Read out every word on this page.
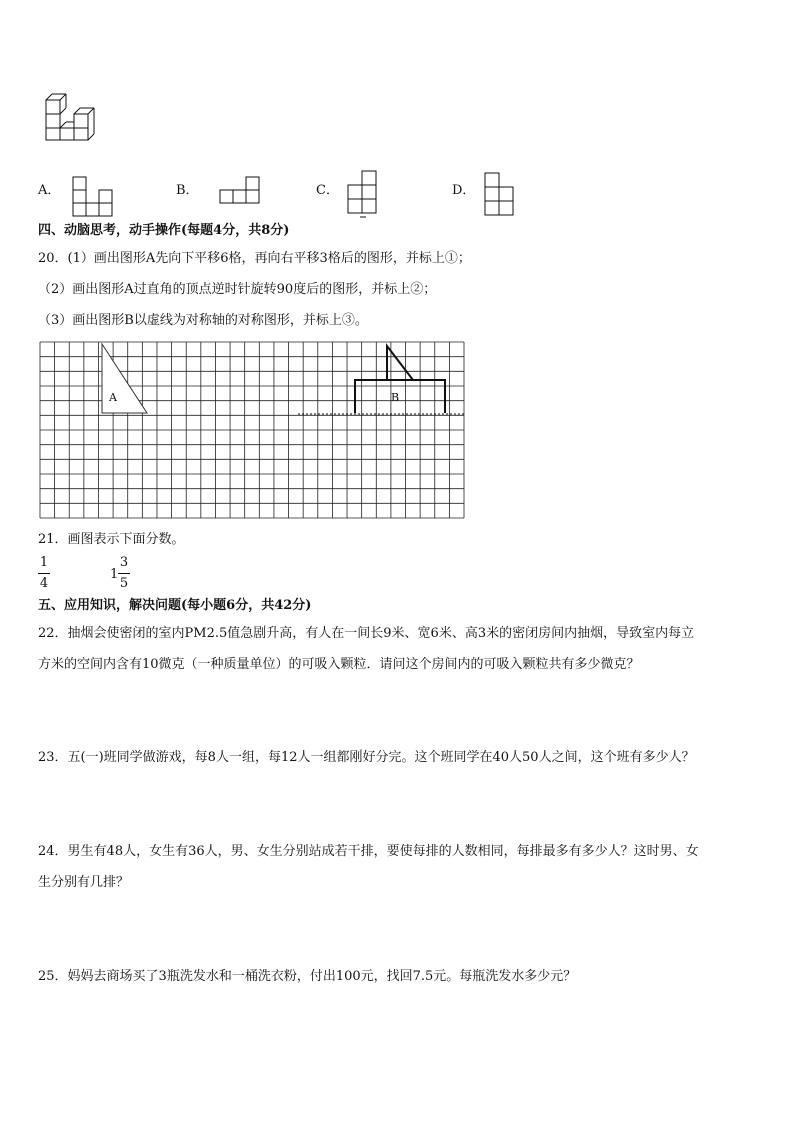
A．	B．	C．	D．
四、动脑思考，动手操作(每题4分，共8分)
20．(1）画出图形A先向下平移6格，再向右平移3格后的图形，并标上①；
（2）画出图形A过直角的顶点逆时针旋转90度后的图形，并标上②；
（3）画出图形B以虚线为对称轴的对称图形，并标上③。
A	B
21．画图表示下面分数。
1
4
1
3
5
五、应用知识，解决问题(每小题6分，共42分)
22．抽烟会使密闭的室内PM2.5值急剧升高，有人在一间长9米、宽6米、高3米的密闭房间内抽烟，导致室内每立
方米的空间内含有10微克（一种质量单位）的可吸入颗粒．请问这个房间内的可吸入颗粒共有多少微克？
23．五(一)班同学做游戏，每8人一组，每12人一组都刚好分完。这个班同学在40人50人之间，这个班有多少人？
24．男生有48人，女生有36人，男、女生分别站成若干排，要使每排的人数相同，每排最多有多少人？这时男、女
生分别有几排？
25．妈妈去商场买了3瓶洗发水和一桶洗衣粉，付出100元，找回7.5元。每瓶洗发水多少元？
